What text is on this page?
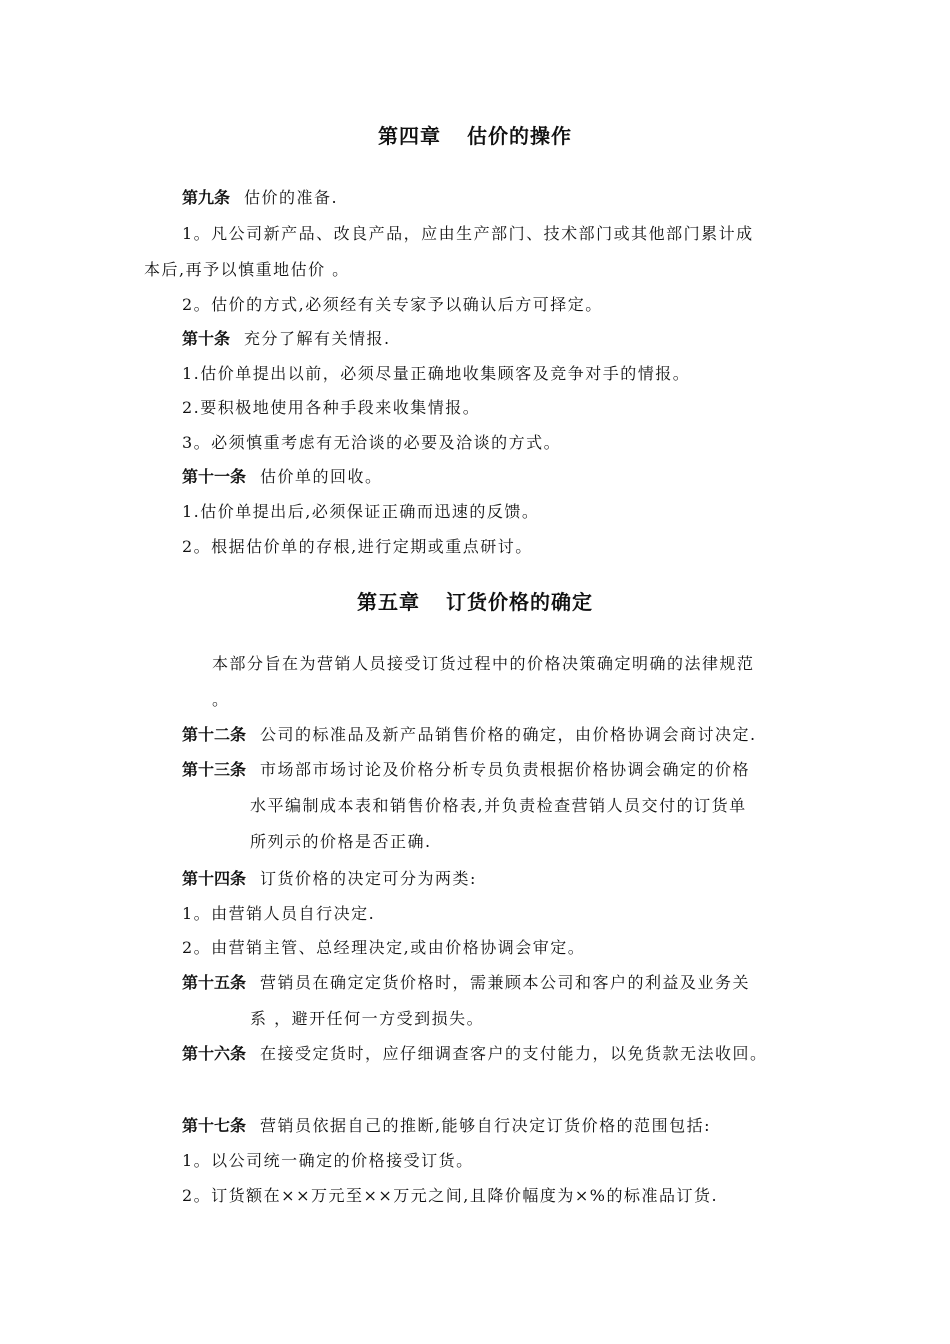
第四章 估价的操作
第九条 估价的准备.
1。凡公司新产品、改良产品，应由生产部门、技术部门或其他部门累计成
本后,再予以慎重地估价 。
2。估价的方式,必须经有关专家予以确认后方可择定。
第十条 充分了解有关情报.
1.估价单提出以前，必须尽量正确地收集顾客及竞争对手的情报。
2.要积极地使用各种手段来收集情报。
3。必须慎重考虑有无洽谈的必要及洽谈的方式。
第十一条 估价单的回收。
1.估价单提出后,必须保证正确而迅速的反馈。
2。根据估价单的存根,进行定期或重点研讨。
第五章 订货价格的确定
本部分旨在为营销人员接受订货过程中的价格决策确定明确的法律规范
。
第十二条 公司的标准品及新产品销售价格的确定，由价格协调会商讨决定.
第十三条 市场部市场讨论及价格分析专员负责根据价格协调会确定的价格
水平编制成本表和销售价格表,并负责检查营销人员交付的订货单
所列示的价格是否正确.
第十四条 订货价格的决定可分为两类:
1。由营销人员自行决定.
2。由营销主管、总经理决定,或由价格协调会审定。
第十五条 营销员在确定定货价格时，需兼顾本公司和客户的利益及业务关
系 ，避开任何一方受到损失。
第十六条 在接受定货时，应仔细调查客户的支付能力，以免货款无法收回。
第十七条 营销员依据自己的推断,能够自行决定订货价格的范围包括:
1。以公司统一确定的价格接受订货。
2。订货额在××万元至××万元之间,且降价幅度为×%的标准品订货.
